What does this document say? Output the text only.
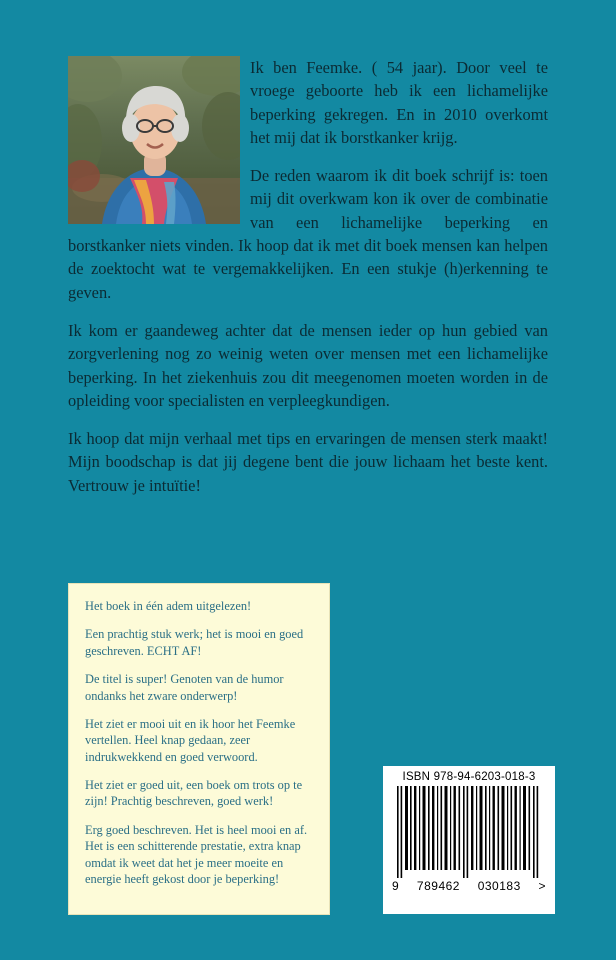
Ik ben Feemke. ( 54 jaar). Door veel te vroege geboorte heb ik een lichamelijke beperking gekregen. En in 2010 overkomt het mij dat ik borstkanker krijg.

De reden waarom ik dit boek schrijf is: toen mij dit overkwam kon ik over de combinatie van een lichamelijke beperking en borstkanker niets vinden. Ik hoop dat ik met dit boek mensen kan helpen de zoektocht wat te vergemakkelijken. En een stukje (h)erkenning te geven.

Ik kom er gaandeweg achter dat de mensen ieder op hun gebied van zorgverlening nog zo weinig weten over mensen met een lichamelijke beperking. In het ziekenhuis zou dit meegenomen moeten worden in de opleiding voor specialisten en verpleegkundigen.

Ik hoop dat mijn verhaal met tips en ervaringen de mensen sterk maakt! Mijn boodschap is dat jij degene bent die jouw lichaam het beste kent. Vertrouw je intuïtie!

Het boek in één adem uitgelezen!

Een prachtig stuk werk; het is mooi en goed geschreven. ECHT AF!

De titel is super! Genoten van de humor ondanks het zware onderwerp!

Het ziet er mooi uit en ik hoor het Feemke vertellen. Heel knap gedaan, zeer indrukwekkend en goed verwoord.

Het ziet er goed uit, een boek om trots op te zijn! Prachtig beschreven, goed werk!

Erg goed beschreven. Het is heel mooi en af. Het is een schitterende prestatie, extra knap omdat ik weet dat het je meer moeite en energie heeft gekost door je beperking!

ISBN 978-94-6203-018-3
9 789462 030183 >
